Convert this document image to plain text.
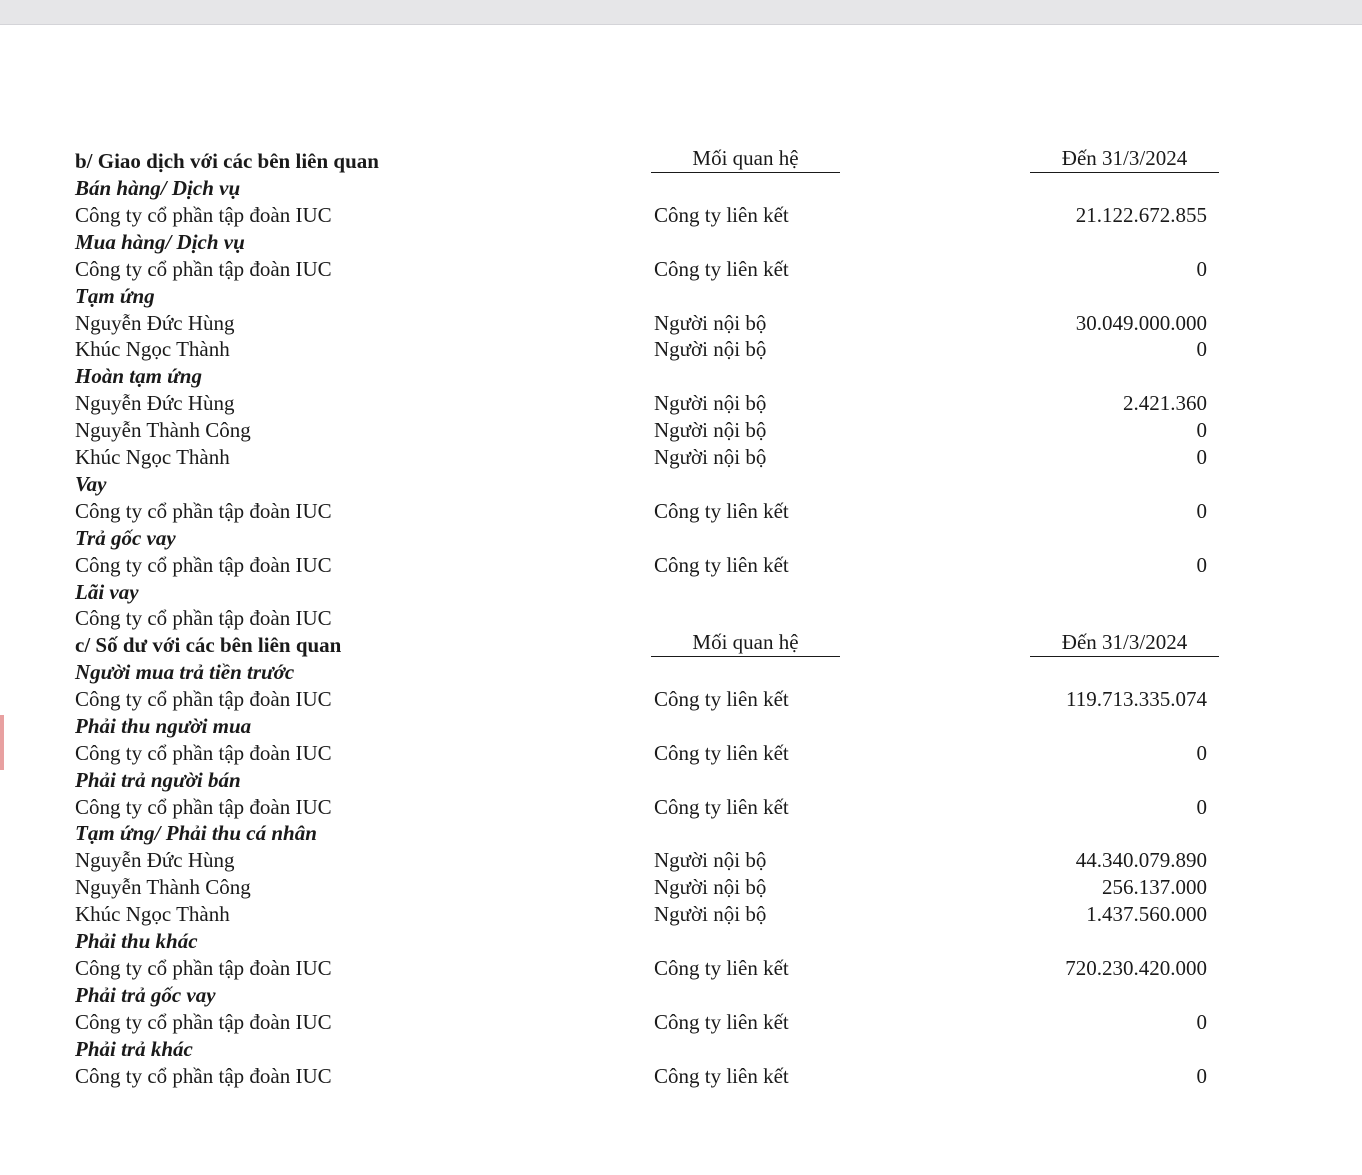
b/ Giao dịch với các bên liên quan	Mối quan hệ	Đến 31/3/2024
Bán hàng/ Dịch vụ
Công ty cổ phần tập đoàn IUC	Công ty liên kết	21.122.672.855
Mua hàng/ Dịch vụ
Công ty cổ phần tập đoàn IUC	Công ty liên kết	0
Tạm ứng
Nguyễn Đức Hùng	Người nội bộ	30.049.000.000
Khúc Ngọc Thành	Người nội bộ	0
Hoàn tạm ứng
Nguyễn Đức Hùng	Người nội bộ	2.421.360
Nguyễn Thành Công	Người nội bộ	0
Khúc Ngọc Thành	Người nội bộ	0
Vay
Công ty cổ phần tập đoàn IUC	Công ty liên kết	0
Trả gốc vay
Công ty cổ phần tập đoàn IUC	Công ty liên kết	0
Lãi vay
Công ty cổ phần tập đoàn IUC
c/ Số dư với các bên liên quan	Mối quan hệ	Đến 31/3/2024
Người mua trả tiền trước
Công ty cổ phần tập đoàn IUC	Công ty liên kết	119.713.335.074
Phải thu người mua
Công ty cổ phần tập đoàn IUC	Công ty liên kết	0
Phải trả người bán
Công ty cổ phần tập đoàn IUC	Công ty liên kết	0
Tạm ứng/ Phải thu cá nhân
Nguyễn Đức Hùng	Người nội bộ	44.340.079.890
Nguyễn Thành Công	Người nội bộ	256.137.000
Khúc Ngọc Thành	Người nội bộ	1.437.560.000
Phải thu khác
Công ty cổ phần tập đoàn IUC	Công ty liên kết	720.230.420.000
Phải trả gốc vay
Công ty cổ phần tập đoàn IUC	Công ty liên kết	0
Phải trả khác
Công ty cổ phần tập đoàn IUC	Công ty liên kết	0
